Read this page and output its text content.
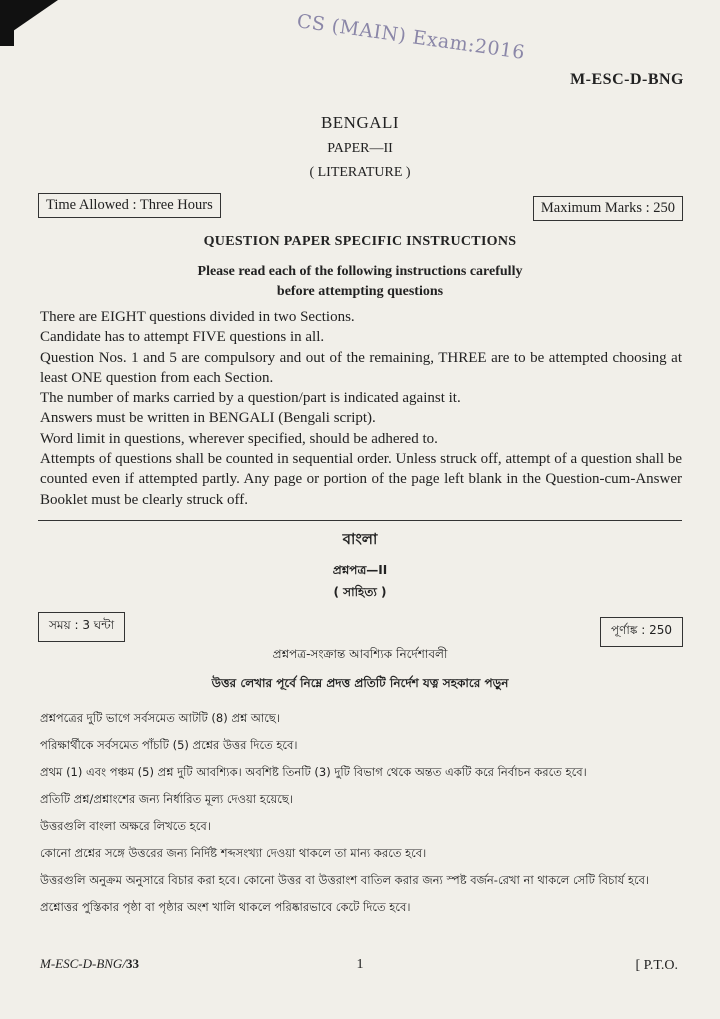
CS (MAIN) Exam:2016
M-ESC-D-BNG
BENGALI
PAPER—II
( LITERATURE )
Time Allowed : Three Hours	Maximum Marks : 250
QUESTION PAPER SPECIFIC INSTRUCTIONS
Please read each of the following instructions carefully
before attempting questions
There are EIGHT questions divided in two Sections.
Candidate has to attempt FIVE questions in all.
Question Nos. 1 and 5 are compulsory and out of the remaining, THREE are to be attempted choosing at least ONE question from each Section.
The number of marks carried by a question/part is indicated against it.
Answers must be written in BENGALI (Bengali script).
Word limit in questions, wherever specified, should be adhered to.
Attempts of questions shall be counted in sequential order. Unless struck off, attempt of a question shall be counted even if attempted partly. Any page or portion of the page left blank in the Question-cum-Answer Booklet must be clearly struck off.
বাংলা
প্রশ্নপত্র—II
( সাহিত্য )
সময় : 3 ঘন্টা	পূর্ণাঙ্ক : 250
প্রশ্নপত্র-সংক্রান্ত আবশ্যিক নির্দেশাবলী
উত্তর লেখার পূর্বে নিম্নে প্রদত্ত প্রতিটি নির্দেশ যত্ন সহকারে পড়ুন
প্রশ্নপত্রের দুটি ভাগে সর্বসমেত আটটি (8) প্রশ্ন আছে।
পরিক্ষার্থীকে সর্বসমেত পাঁচটি (5) প্রশ্নের উত্তর দিতে হবে।
প্রথম (1) এবং পঞ্চম (5) প্রশ্ন দুটি আবশ্যিক। অবশিষ্ট তিনটি (3) দুটি বিভাগ থেকে অন্তত একটি করে নির্বাচন করতে হবে।
প্রতিটি প্রশ্ন/প্রশ্নাংশের জন্য নির্ধারিত মূল্য দেওয়া হয়েছে।
উত্তরগুলি বাংলা অক্ষরে লিখতে হবে।
কোনো প্রশ্নের সঙ্গে উত্তরের জন্য নির্দিষ্ট শব্দসংখ্যা দেওয়া থাকলে তা মান্য করতে হবে।
উত্তরগুলি অনুক্রম অনুসারে বিচার করা হবে। কোনো উত্তর বা উত্তরাংশ বাতিল করার জন্য স্পষ্ট বর্জন-রেখা না থাকলে সেটি বিচার্য হবে।
প্রশ্নোত্তর পুস্তিকার পৃষ্ঠা বা পৃষ্ঠার অংশ খালি থাকলে পরিষ্কারভাবে কেটে দিতে হবে।
M-ESC-D-BNG/33	1	[ P.T.O.
